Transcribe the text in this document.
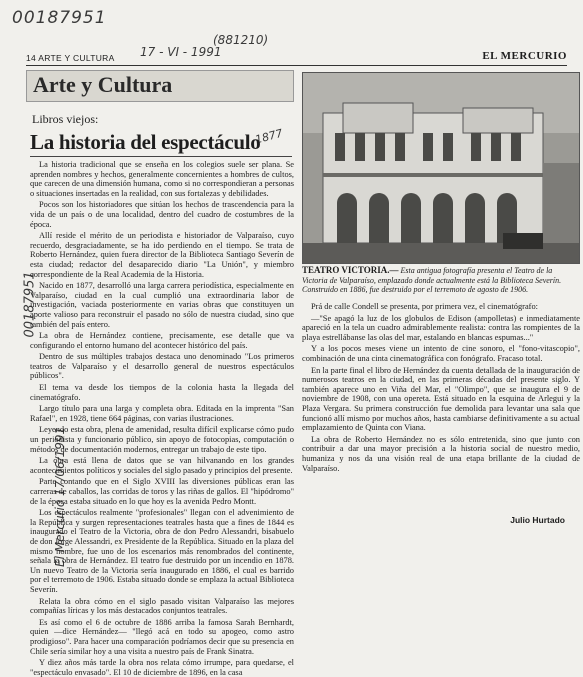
00187951
(881210)
17 - VI - 1991
1877
El Mercurio 17/06/1991
00187951
14 ARTE Y CULTURA	EL MERCURIO
Arte y Cultura
Libros viejos:
La historia del espectáculo

La historia tradicional que se enseña en los colegios suele ser plana. Se aprenden nombres y hechos, generalmente concernientes a hombres de cultos, que carecen de una dimensión humana, como si no correspondieran a personas o situaciones insertadas en la realidad, con sus fortalezas y debilidades.

Pocos son los historiadores que sitúan los hechos de trascendencia para la vida de un país o de una localidad, dentro del cuadro de costumbres de la época.

Allí reside el mérito de un periodista e historiador de Valparaíso, cuyo recuerdo, desgraciadamente, se ha ido perdiendo en el tiempo. Se trata de Roberto Hernández, quien fuera director de la Biblioteca Santiago Severín de esta ciudad; redactor del desaparecido diario "La Unión", y miembro correspondiente de la Real Academia de la Historia.

Nacido en 1877, desarrolló una larga carrera periodística, especialmente en Valparaíso, ciudad en la cual cumplió una extraordinaria labor de investigación, vaciada posteriormente en varias obras que constituyen un aporte valioso para reconstruir el pasado no sólo de nuestra ciudad, sino que también del país entero.

La obra de Hernández contiene, precisamente, ese detalle que va configurando el entorno humano del acontecer histórico del país.

Dentro de sus múltiples trabajos destaca uno denominado "Los primeros teatros de Valparaíso y el desarrollo general de nuestros espectáculos públicos".

El tema va desde los tiempos de la colonia hasta la llegada del cinematógrafo.

Largo título para una larga y completa obra. Editada en la imprenta "San Rafael", en 1928, tiene 664 páginas, con varias ilustraciones.

Leyendo esta obra, plena de amenidad, resulta difícil explicarse cómo pudo un periodista y funcionario público, sin apoyo de fotocopias, computación o métodos de documentación modernos, entregar un trabajo de este tipo.

La obra está llena de datos que se van hilvanando en los grandes acontecimientos políticos y sociales del siglo pasado y principios del presente.

Parte contando que en el Siglo XVIII las diversiones públicas eran las carreras de caballos, las corridas de toros y las riñas de gallos. El "hipódromo" de la época estaba situado en lo que hoy es la avenida Pedro Montt.

Los espectáculos realmente "profesionales" llegan con el advenimiento de la República y surgen representaciones teatrales hasta que a fines de 1844 es inaugurado el Teatro de la Victoria, obra de don Pedro Alessandri, bisabuelo de don Jorge Alessandri, ex Presidente de la República. Situado en la plaza del mismo nombre, fue uno de los escenarios más renombrados del continente, señala la obra de Hernández. El teatro fue destruido por un incendio en 1878. Un nuevo Teatro de la Victoria sería inaugurado en 1886, el cual es barrido por el terremoto de 1906. Estaba situado donde se emplaza la actual Biblioteca Severín.

Relata la obra cómo en el siglo pasado visitan Valparaíso las mejores compañías líricas y los más destacados conjuntos teatrales.

Es así como el 6 de octubre de 1886 arriba la famosa Sarah Bernhardt, quien —dice Hernández— "llegó acá en todo su apogeo, como astro prodigioso". Para hacer una comparación podríamos decir que su presencia en Chile sería similar hoy a una visita a nuestro país de Frank Sinatra.

Y diez años más tarde la obra nos relata cómo irrumpe, para quedarse, el "espectáculo envasado". El 10 de diciembre de 1896, en la casa

TEATRO VICTORIA.— Esta antigua fotografía presenta el Teatro de la Victoria de Valparaíso, emplazado donde actualmente está la Biblioteca Severín. Construido en 1886, fue destruido por el terremoto de agosto de 1906.

Prá de calle Condell se presenta, por primera vez, el cinematógrafo:

—"Se apagó la luz de los globulos de Edison (ampolletas) e inmediatamente apareció en la tela un cuadro admirablemente realista: contra las rompientes de la playa estrellábanse las olas del mar, estalando en blancas espumas..."

Y a los pocos meses viene un intento de cine sonoro, el "fono-vitascopio", combinación de una cinta cinematográfica con fonógrafo. Fracaso total.

En la parte final el libro de Hernández da cuenta detallada de la inauguración de numerosos teatros en la ciudad, en las primeras décadas del presente siglo. Y también aparece uno en Viña del Mar, el "Olimpo", que se inaugura el 9 de noviembre de 1908, con una opereta. Está situado en la esquina de Arlegui y la Plaza Vergara. Su primera construcción fue demolida para levantar una sala que funcionó allí mismo por muchos años, hasta cambiarse definitivamente a su actual emplazamiento de Quinta con Viana.

La obra de Roberto Hernández no es sólo entretenida, sino que junto con contribuir a dar una mayor precisión a la historia social de nuestro medio, humaniza y nos da una visión real de una etapa brillante de la ciudad de Valparaíso.

Julio Hurtado
